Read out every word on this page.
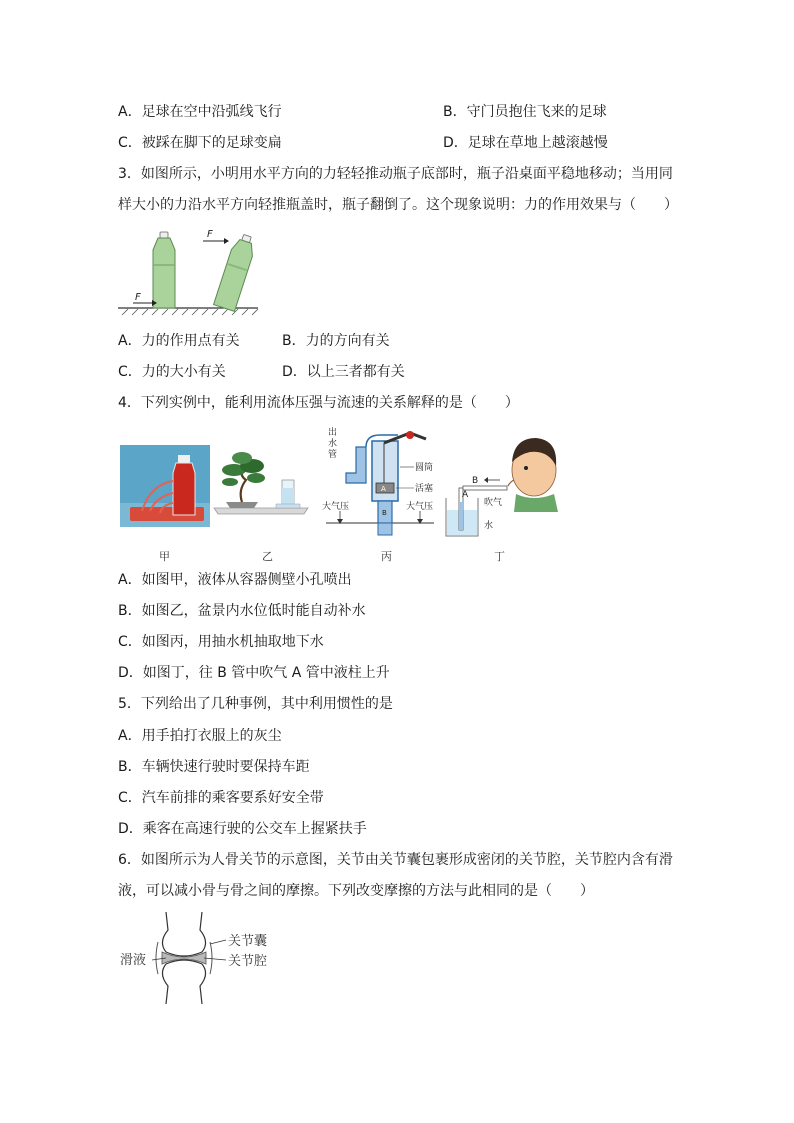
A．足球在空中沿弧线飞行	B．守门员抱住飞来的足球
C．被踩在脚下的足球变扁	D．足球在草地上越滚越慢
3．如图所示，小明用水平方向的力轻轻推动瓶子底部时，瓶子沿桌面平稳地移动；当用同
样大小的力沿水平方向轻推瓶盖时，瓶子翻倒了。这个现象说明：力的作用效果与（　　）
F
F
A．力的作用点有关	B．力的方向有关
C．力的大小有关	D．以上三者都有关
4．下列实例中，能利用流体压强与流速的关系解释的是（　　）
甲	乙
A
B
出
水
管
圆筒
活塞
大气压	大气压
丙
B
A
吹气
水
丁
A．如图甲，液体从容器侧壁小孔喷出
B．如图乙，盆景内水位低时能自动补水
C．如图丙，用抽水机抽取地下水
D．如图丁，往 B 管中吹气 A 管中液柱上升
5．下列给出了几种事例，其中利用惯性的是
A．用手拍打衣服上的灰尘
B．车辆快速行驶时要保持车距
C．汽车前排的乘客要系好安全带
D．乘客在高速行驶的公交车上握紧扶手
6．如图所示为人骨关节的示意图，关节由关节囊包裹形成密闭的关节腔，关节腔内含有滑
液，可以减小骨与骨之间的摩擦。下列改变摩擦的方法与此相同的是（　　）
滑液
关节囊
关节腔
